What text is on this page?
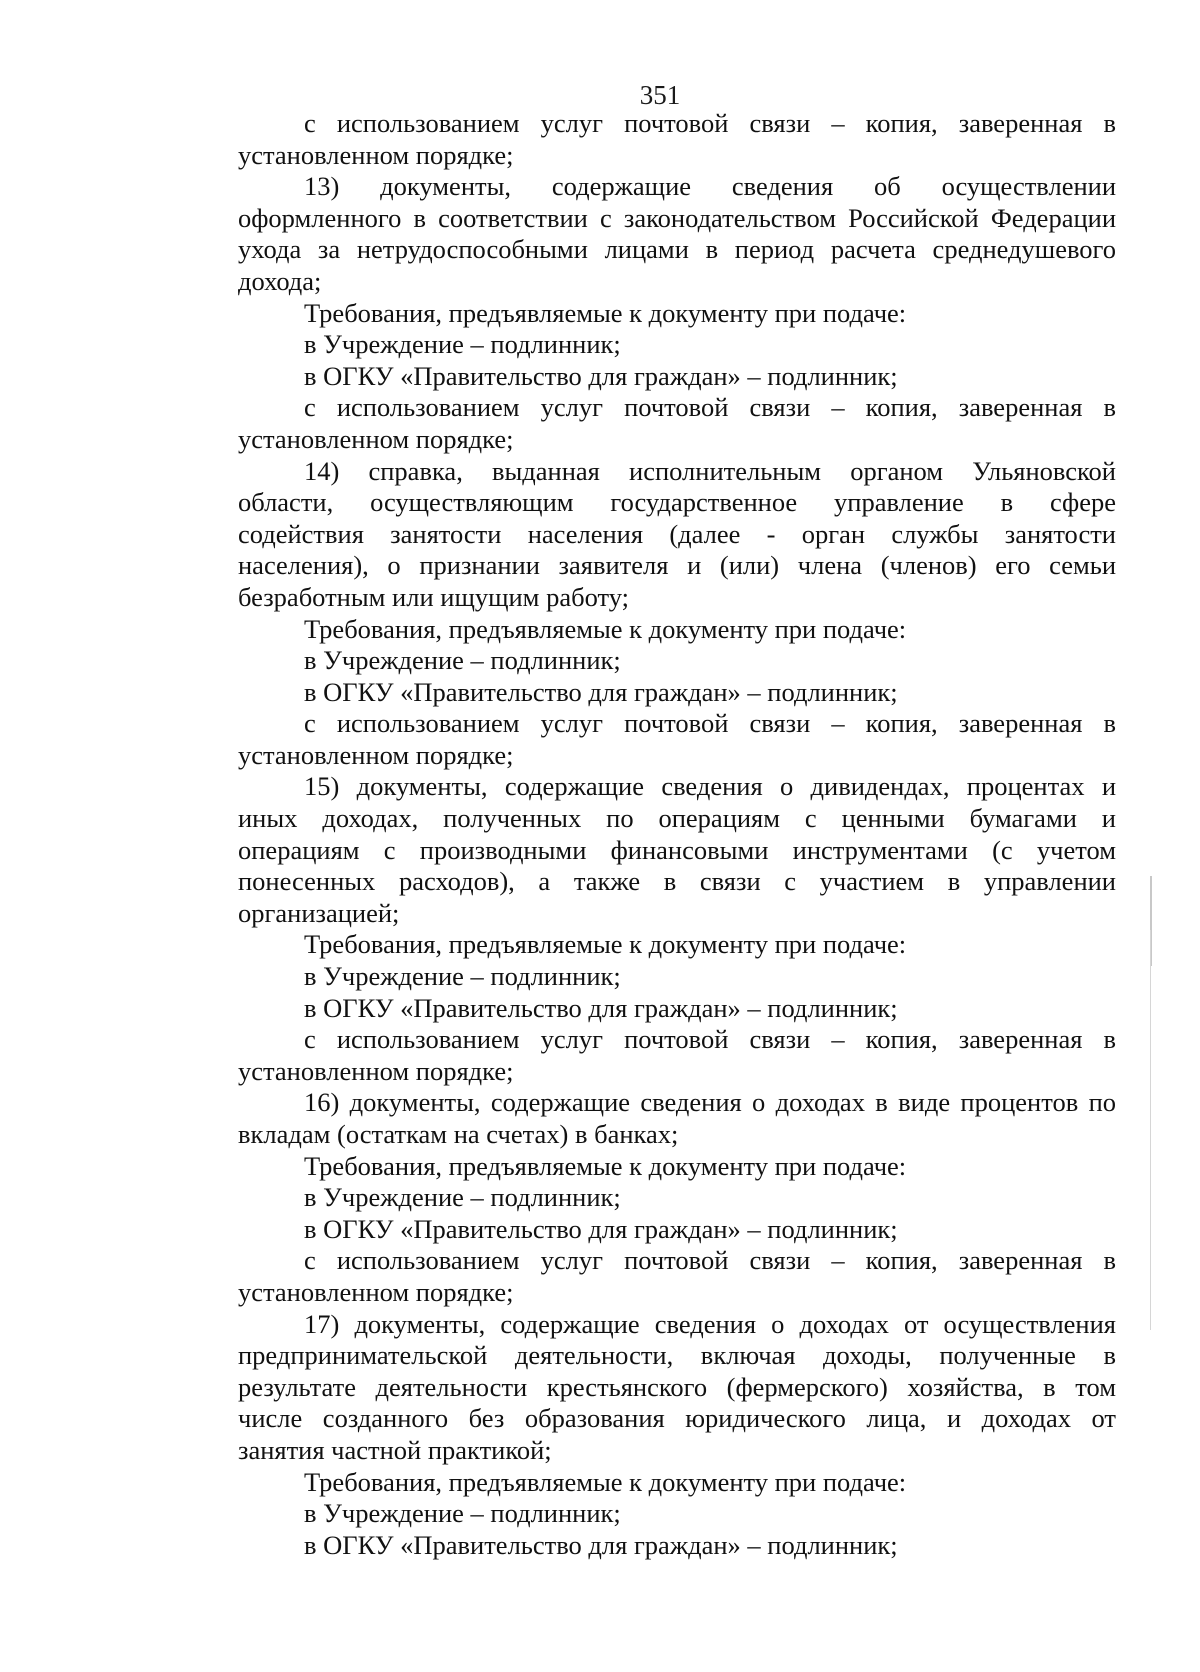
351
с использованием услуг почтовой связи – копия, заверенная в
установленном порядке;
13) документы, содержащие сведения об осуществлении
оформленного в соответствии с законодательством Российской Федерации
ухода за нетрудоспособными лицами в период расчета среднедушевого
дохода;
Требования, предъявляемые к документу при подаче:
в Учреждение – подлинник;
в ОГКУ «Правительство для граждан» – подлинник;
с использованием услуг почтовой связи – копия, заверенная в
установленном порядке;
14) справка, выданная исполнительным органом Ульяновской
области, осуществляющим государственное управление в сфере
содействия занятости населения (далее - орган службы занятости
населения), о признании заявителя и (или) члена (членов) его семьи
безработным или ищущим работу;
Требования, предъявляемые к документу при подаче:
в Учреждение – подлинник;
в ОГКУ «Правительство для граждан» – подлинник;
с использованием услуг почтовой связи – копия, заверенная в
установленном порядке;
15) документы, содержащие сведения о дивидендах, процентах и
иных доходах, полученных по операциям с ценными бумагами и
операциям с производными финансовыми инструментами (с учетом
понесенных расходов), а также в связи с участием в управлении
организацией;
Требования, предъявляемые к документу при подаче:
в Учреждение – подлинник;
в ОГКУ «Правительство для граждан» – подлинник;
с использованием услуг почтовой связи – копия, заверенная в
установленном порядке;
16) документы, содержащие сведения о доходах в виде процентов по
вкладам (остаткам на счетах) в банках;
Требования, предъявляемые к документу при подаче:
в Учреждение – подлинник;
в ОГКУ «Правительство для граждан» – подлинник;
с использованием услуг почтовой связи – копия, заверенная в
установленном порядке;
17) документы, содержащие сведения о доходах от осуществления
предпринимательской деятельности, включая доходы, полученные в
результате деятельности крестьянского (фермерского) хозяйства, в том
числе созданного без образования юридического лица, и доходах от
занятия частной практикой;
Требования, предъявляемые к документу при подаче:
в Учреждение – подлинник;
в ОГКУ «Правительство для граждан» – подлинник;
